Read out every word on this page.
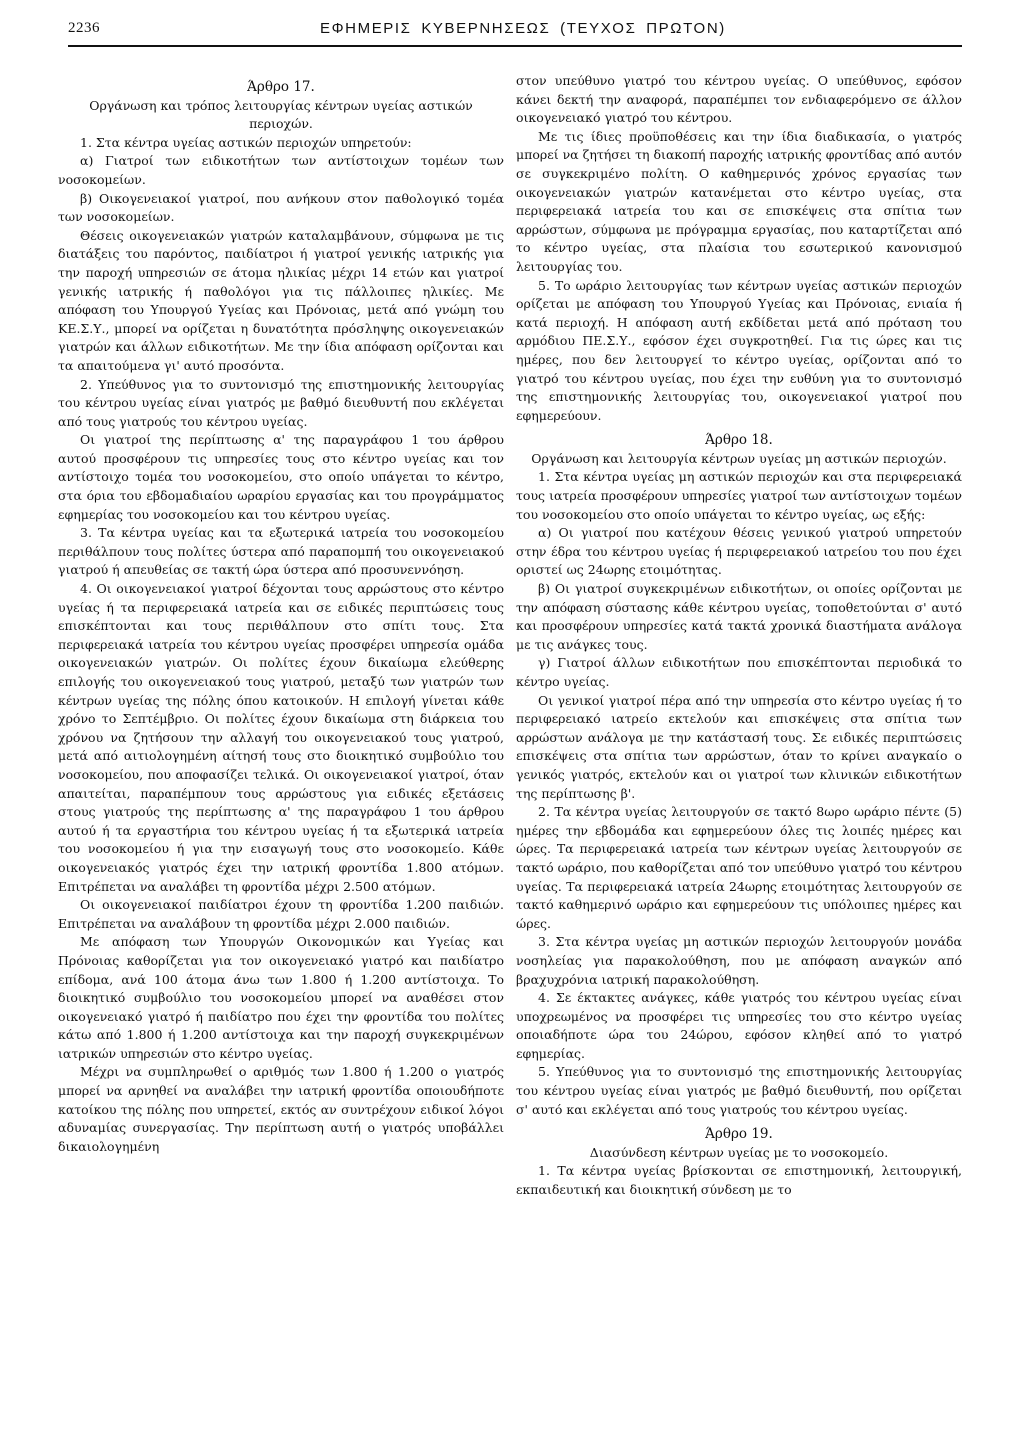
2236	ΕΦΗΜΕΡΙΣ ΚΥΒΕΡΝΗΣΕΩΣ (ΤΕΥΧΟΣ ΠΡΩΤΟΝ)

Άρθρο 17.

Οργάνωση και τρόπος λειτουργίας κέντρων υγείας αστικών περιοχών.

1. Στα κέντρα υγείας αστικών περιοχών υπηρετούν:

α) Γιατροί των ειδικοτήτων των αντίστοιχων τομέων των νοσοκομείων.

β) Οικογενειακοί γιατροί, που ανήκουν στον παθολογικό τομέα των νοσοκομείων.

Θέσεις οικογενειακών γιατρών καταλαμβάνουν, σύμφωνα με τις διατάξεις του παρόντος, παιδίατροι ή γιατροί γενικής ιατρικής για την παροχή υπηρεσιών σε άτομα ηλικίας μέχρι 14 ετών και γιατροί γενικής ιατρικής ή παθολόγοι για τις πάλλοιπες ηλικίες. Με απόφαση του Υπουργού Υγείας και Πρόνοιας, μετά από γνώμη του ΚΕ.Σ.Υ., μπορεί να ορίζεται η δυνατότητα πρόσληψης οικογενειακών γιατρών και άλλων ειδικοτήτων. Με την ίδια απόφαση ορίζονται και τα απαιτούμενα γι' αυτό προσόντα.

2. Υπεύθυνος για το συντονισμό της επιστημονικής λειτουργίας του κέντρου υγείας είναι γιατρός με βαθμό διευθυντή που εκλέγεται από τους γιατρούς του κέντρου υγείας.

Οι γιατροί της περίπτωσης α' της παραγράφου 1 του άρθρου αυτού προσφέρουν τις υπηρεσίες τους στο κέντρο υγείας και τον αντίστοιχο τομέα του νοσοκομείου, στο οποίο υπάγεται το κέντρο, στα όρια του εβδομαδιαίου ωραρίου εργασίας και του προγράμματος εφημερίας του νοσοκομείου και του κέντρου υγείας.

3. Τα κέντρα υγείας και τα εξωτερικά ιατρεία του νοσοκομείου περιθάλπουν τους πολίτες ύστερα από παραπομπή του οικογενειακού γιατρού ή απευθείας σε τακτή ώρα ύστερα από προσυνεννόηση.

4. Οι οικογενειακοί γιατροί δέχονται τους αρρώστους στο κέντρο υγείας ή τα περιφερειακά ιατρεία και σε ειδικές περιπτώσεις τους επισκέπτονται και τους περιθάλπουν στο σπίτι τους. Στα περιφερειακά ιατρεία του κέντρου υγείας προσφέρει υπηρεσία ομάδα οικογενειακών γιατρών. Οι πολίτες έχουν δικαίωμα ελεύθερης επιλογής του οικογενειακού τους γιατρού, μεταξύ των γιατρών των κέντρων υγείας της πόλης όπου κατοικούν. Η επιλογή γίνεται κάθε χρόνο το Σεπτέμβριο. Οι πολίτες έχουν δικαίωμα στη διάρκεια του χρόνου να ζητήσουν την αλλαγή του οικογενειακού τους γιατρού, μετά από αιτιολογημένη αίτησή τους στο διοικητικό συμβούλιο του νοσοκομείου, που αποφασίζει τελικά. Οι οικογενειακοί γιατροί, όταν απαιτείται, παραπέμπουν τους αρρώστους για ειδικές εξετάσεις στους γιατρούς της περίπτωσης α' της παραγράφου 1 του άρθρου αυτού ή τα εργαστήρια του κέντρου υγείας ή τα εξωτερικά ιατρεία του νοσοκομείου ή για την εισαγωγή τους στο νοσοκομείο. Κάθε οικογενειακός γιατρός έχει την ιατρική φροντίδα 1.800 ατόμων. Επιτρέπεται να αναλάβει τη φροντίδα μέχρι 2.500 ατόμων.

Οι οικογενειακοί παιδίατροι έχουν τη φροντίδα 1.200 παιδιών. Επιτρέπεται να αναλάβουν τη φροντίδα μέχρι 2.000 παιδιών.

Με απόφαση των Υπουργών Οικονομικών και Υγείας και Πρόνοιας καθορίζεται για τον οικογενειακό γιατρό και παιδίατρο επίδομα, ανά 100 άτομα άνω των 1.800 ή 1.200 αντίστοιχα. Το διοικητικό συμβούλιο του νοσοκομείου μπορεί να αναθέσει στον οικογενειακό γιατρό ή παιδίατρο που έχει την φροντίδα του πολίτες κάτω από 1.800 ή 1.200 αντίστοιχα και την παροχή συγκεκριμένων ιατρικών υπηρεσιών στο κέντρο υγείας.

Μέχρι να συμπληρωθεί ο αριθμός των 1.800 ή 1.200 ο γιατρός μπορεί να αρνηθεί να αναλάβει την ιατρική φροντίδα οποιουδήποτε κατοίκου της πόλης που υπηρετεί, εκτός αν συντρέχουν ειδικοί λόγοι αδυναμίας συνεργασίας. Την περίπτωση αυτή ο γιατρός υποβάλλει δικαιολογημένη

στον υπεύθυνο γιατρό του κέντρου υγείας. Ο υπεύθυνος, εφόσον κάνει δεκτή την αναφορά, παραπέμπει τον ενδιαφερόμενο σε άλλον οικογενειακό γιατρό του κέντρου.

Με τις ίδιες προϋποθέσεις και την ίδια διαδικασία, ο γιατρός μπορεί να ζητήσει τη διακοπή παροχής ιατρικής φροντίδας από αυτόν σε συγκεκριμένο πολίτη. Ο καθημερινός χρόνος εργασίας των οικογενειακών γιατρών κατανέμεται στο κέντρο υγείας, στα περιφερειακά ιατρεία του και σε επισκέψεις στα σπίτια των αρρώστων, σύμφωνα με πρόγραμμα εργασίας, που καταρτίζεται από το κέντρο υγείας, στα πλαίσια του εσωτερικού κανονισμού λειτουργίας του.

5. Το ωράριο λειτουργίας των κέντρων υγείας αστικών περιοχών ορίζεται με απόφαση του Υπουργού Υγείας και Πρόνοιας, ενιαία ή κατά περιοχή. Η απόφαση αυτή εκδίδεται μετά από πρόταση του αρμόδιου ΠΕ.Σ.Υ., εφόσον έχει συγκροτηθεί. Για τις ώρες και τις ημέρες, που δεν λειτουργεί το κέντρο υγείας, ορίζονται από το γιατρό του κέντρου υγείας, που έχει την ευθύνη για το συντονισμό της επιστημονικής λειτουργίας του, οικογενειακοί γιατροί που εφημερεύουν.

Άρθρο 18.

Οργάνωση και λειτουργία κέντρων υγείας μη αστικών περιοχών.

1. Στα κέντρα υγείας μη αστικών περιοχών και στα περιφερειακά τους ιατρεία προσφέρουν υπηρεσίες γιατροί των αντίστοιχων τομέων του νοσοκομείου στο οποίο υπάγεται το κέντρο υγείας, ως εξής:

α) Οι γιατροί που κατέχουν θέσεις γενικού γιατρού υπηρετούν στην έδρα του κέντρου υγείας ή περιφερειακού ιατρείου του που έχει οριστεί ως 24ωρης ετοιμότητας.

β) Οι γιατροί συγκεκριμένων ειδικοτήτων, οι οποίες ορίζονται με την απόφαση σύστασης κάθε κέντρου υγείας, τοποθετούνται σ' αυτό και προσφέρουν υπηρεσίες κατά τακτά χρονικά διαστήματα ανάλογα με τις ανάγκες τους.

γ) Γιατροί άλλων ειδικοτήτων που επισκέπτονται περιοδικά το κέντρο υγείας.

Οι γενικοί γιατροί πέρα από την υπηρεσία στο κέντρο υγείας ή το περιφερειακό ιατρείο εκτελούν και επισκέψεις στα σπίτια των αρρώστων ανάλογα με την κατάστασή τους. Σε ειδικές περιπτώσεις επισκέψεις στα σπίτια των αρρώστων, όταν το κρίνει αναγκαίο ο γενικός γιατρός, εκτελούν και οι γιατροί των κλινικών ειδικοτήτων της περίπτωσης β'.

2. Τα κέντρα υγείας λειτουργούν σε τακτό 8ωρο ωράριο πέντε (5) ημέρες την εβδομάδα και εφημερεύουν όλες τις λοιπές ημέρες και ώρες. Τα περιφερειακά ιατρεία των κέντρων υγείας λειτουργούν σε τακτό ωράριο, που καθορίζεται από τον υπεύθυνο γιατρό του κέντρου υγείας. Τα περιφερειακά ιατρεία 24ωρης ετοιμότητας λειτουργούν σε τακτό καθημερινό ωράριο και εφημερεύουν τις υπόλοιπες ημέρες και ώρες.

3. Στα κέντρα υγείας μη αστικών περιοχών λειτουργούν μονάδα νοσηλείας για παρακολούθηση, που με απόφαση αναγκών από βραχυχρόνια ιατρική παρακολούθηση.

4. Σε έκτακτες ανάγκες, κάθε γιατρός του κέντρου υγείας είναι υποχρεωμένος να προσφέρει τις υπηρεσίες του στο κέντρο υγείας οποιαδήποτε ώρα του 24ώρου, εφόσον κληθεί από το γιατρό εφημερίας.

5. Υπεύθυνος για το συντονισμό της επιστημονικής λειτουργίας του κέντρου υγείας είναι γιατρός με βαθμό διευθυντή, που ορίζεται σ' αυτό και εκλέγεται από τους γιατρούς του κέντρου υγείας.

Άρθρο 19.

Διασύνδεση κέντρων υγείας με το νοσοκομείο.

1. Τα κέντρα υγείας βρίσκονται σε επιστημονική, λειτουργική, εκπαιδευτική και διοικητική σύνδεση με το
